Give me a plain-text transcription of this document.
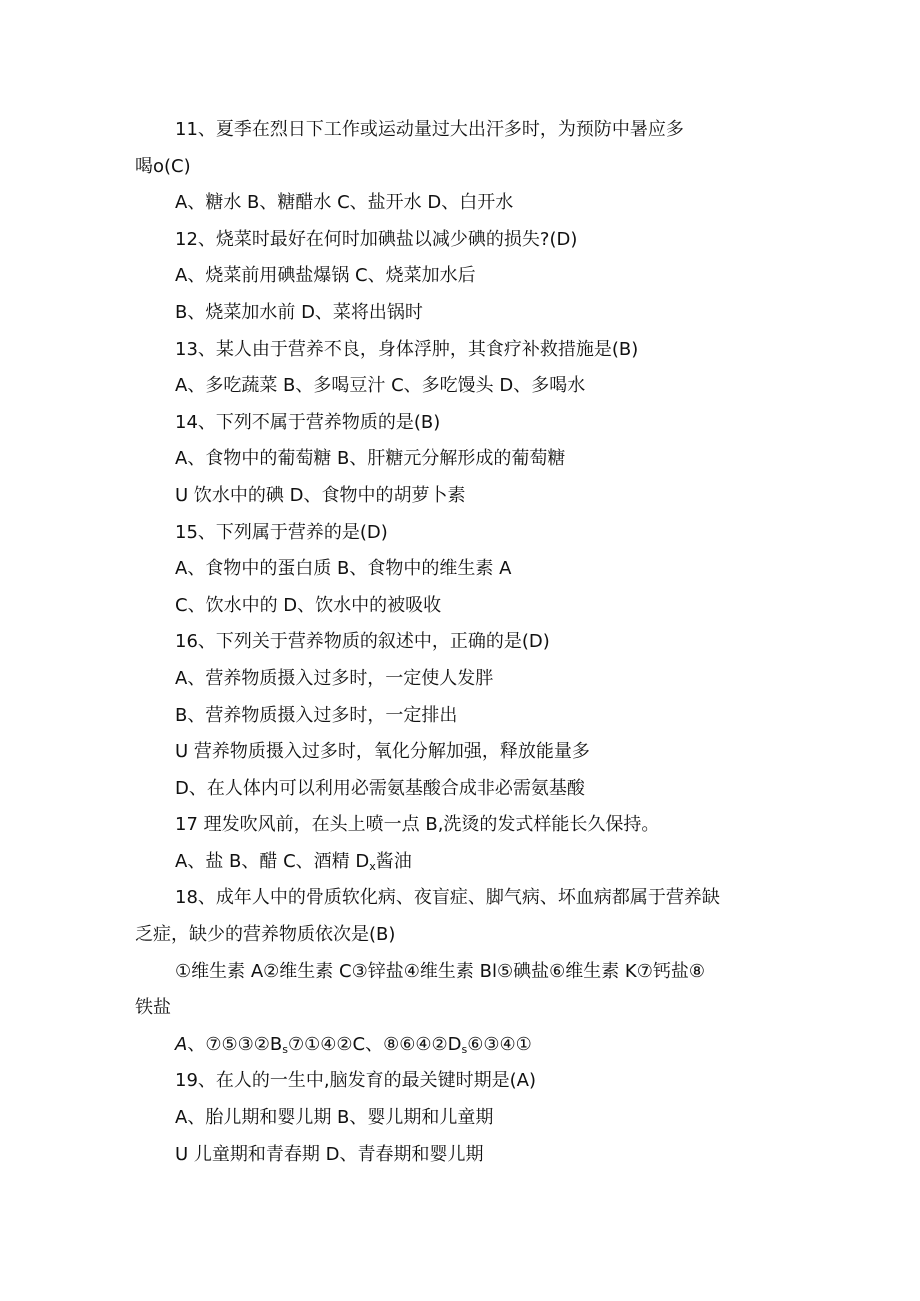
11、夏季在烈日下工作或运动量过大出汗多时，为预防中暑应多
喝o(C)
A、糖水 B、糖醋水 C、盐开水 D、白开水
12、烧菜时最好在何时加碘盐以减少碘的损失?(D)
A、烧菜前用碘盐爆锅 C、烧菜加水后
B、烧菜加水前 D、菜将出锅时
13、某人由于营养不良，身体浮肿，其食疗补救措施是(B)
A、多吃蔬菜 B、多喝豆汁 C、多吃馒头 D、多喝水
14、下列不属于营养物质的是(B)
A、食物中的葡萄糖 B、肝糖元分解形成的葡萄糖
U 饮水中的碘 D、食物中的胡萝卜素
15、下列属于营养的是(D)
A、食物中的蛋白质 B、食物中的维生素 A
C、饮水中的 D、饮水中的被吸收
16、下列关于营养物质的叙述中，正确的是(D)
A、营养物质摄入过多时，一定使人发胖
B、营养物质摄入过多时，一定排出
U 营养物质摄入过多时，氧化分解加强，释放能量多
D、在人体内可以利用必需氨基酸合成非必需氨基酸
17 理发吹风前，在头上喷一点 B,洗烫的发式样能长久保持。
A、盐 B、醋 C、酒精 $D_x$酱油
18、成年人中的骨质软化病、夜盲症、脚气病、坏血病都属于营养缺
乏症，缺少的营养物质依次是(B)
①维生素 A②维生素 C③锌盐④维生素 Bl⑤碘盐⑥维生素 K⑦钙盐⑧
铁盐
A、$⑦⑤③②B_s⑦①④②C$、$⑧⑥④②D_s⑥③④①$
19、在人的一生中,脑发育的最关键时期是(A)
A、胎儿期和婴儿期 B、婴儿期和儿童期
U 儿童期和青春期 D、青春期和婴儿期
